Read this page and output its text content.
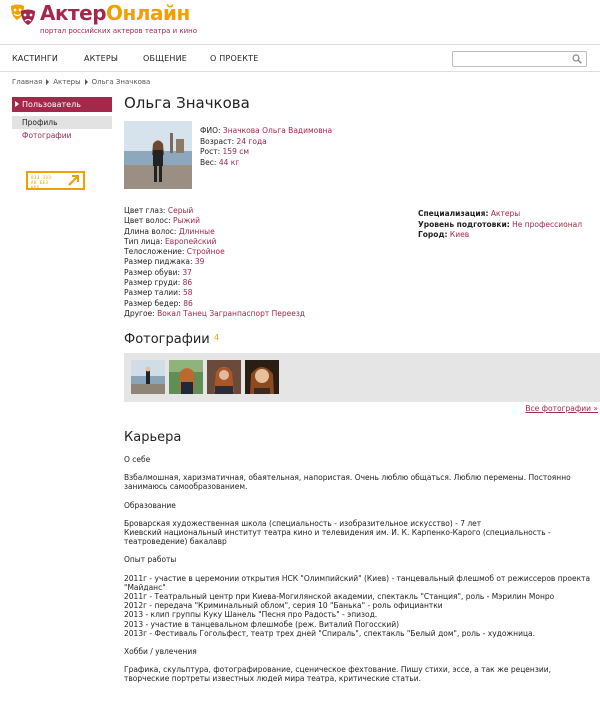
АктерОнлайн
портал российских актеров театра и кино
КАСТИНГИ	АКТЕРЫ	ОБЩЕНИЕ	О ПРОЕКТЕ
Главная Актеры Ольга Значкова
Пользователь
Профиль
Фотографии
ОЗЗ ЗЗЗ
АК ЕЕЗ
НОЕ
Ольга Значкова
ФИО: Значкова Ольга Вадимовна
Возраст: 24 года
Рост: 159 см
Вес: 44 кг
Цвет глаз: Серый
Цвет волос: Рыжий
Длина волос: Длинные
Тип лица: Европейский
Телосложение: Стройное
Размер пиджака: 39
Размер обуви: 37
Размер груди: 86
Размер талии: 58
Размер бедер: 86
Другое: Вокал Танец Загранпаспорт Переезд
Специализация: Актеры
Уровень подготовки: Не профессионал
Город: Киев
Фотографии 4
Все фотографии »
Карьера

О себе

Взбалмошная, харизматичная, обаятельная, напористая. Очень люблю общаться. Люблю перемены. Постоянно занимаюсь самообразованием.

Образование

Бровaрская художественная школа (специальность - изобразительное искусство) - 7 лет

Киевский национальный институт театра кино и телевидения им. И. К. Карпенко-Карого (специальность - театроведение) бакалавр

Опыт работы

2011г - участие в церемонии открытия НСК "Олимпийский" (Киев) - танцевальный флешмоб от режиссеров проекта "Майданс"

2011г - Театральный центр при Киева-Могилянской академии, спектакль "Станция", роль - Мэрилин Монро

2012г - передача "Криминальный облом", серия 10 "Банька" - роль официантки

2013 - клип группы Куку Шанель "Песня про Радость" - эпизод.

2013 - участие в танцевальном флешмобе (реж. Виталий Погосский)

2013г - Фестиваль Гогольфест, театр трех дней "Спираль", спектакль "Белый дом", роль - художница.

Хобби / увлечения

Графика, скульптура, фотографирование, сценическое фехтование. Пишу стихи, эссе, а так же рецензии, творческие портреты известных людей мира театра, критические статьи.
